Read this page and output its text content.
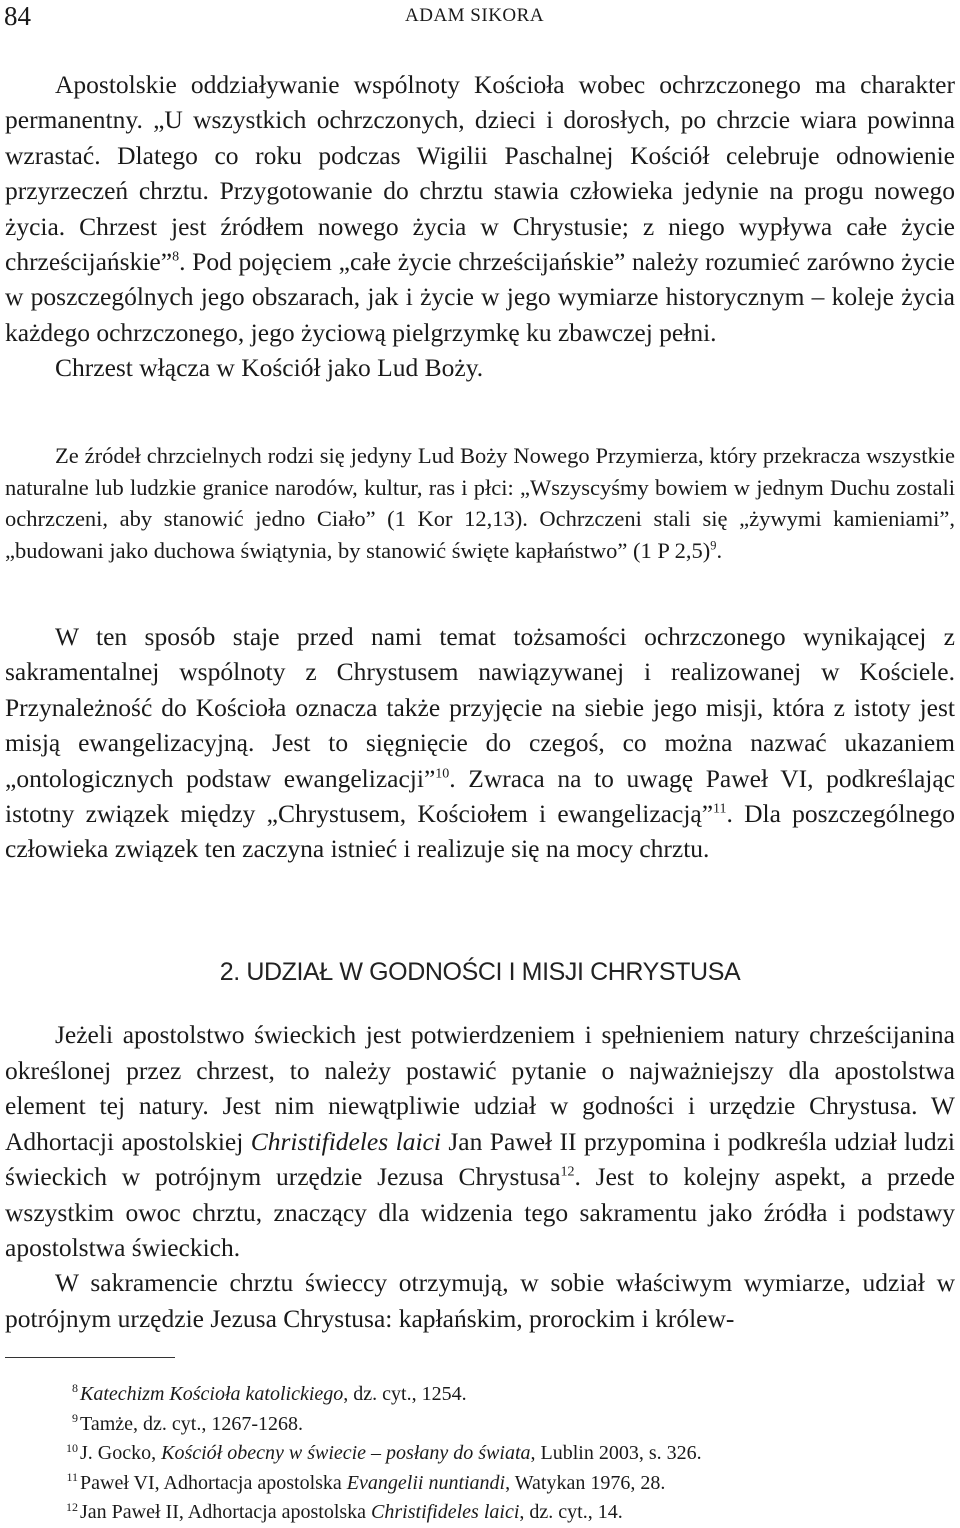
84	ADAM SIKORA

Apostolskie oddziaływanie wspólnoty Kościoła wobec ochrzczonego ma charakter permanentny. „U wszystkich ochrzczonych, dzieci i dorosłych, po chrzcie wiara powinna wzrastać. Dlatego co roku podczas Wigilii Paschalnej Kościół celebruje odnowienie przyrzeczeń chrztu. Przygotowanie do chrztu stawia człowieka jedynie na progu nowego życia. Chrzest jest źródłem nowego życia w Chrystusie; z niego wypływa całe życie chrześcijańskie”$^8$. Pod pojęciem „całe życie chrześcijańskie” należy rozumieć zarówno życie w poszczególnych jego obszarach, jak i życie w jego wymiarze historycznym – koleje życia każdego ochrzczonego, jego życiową pielgrzymkę ku zbawczej pełni.
Chrzest włącza w Kościół jako Lud Boży.

Ze źródeł chrzcielnych rodzi się jedyny Lud Boży Nowego Przymierza, który przekracza wszystkie naturalne lub ludzkie granice narodów, kultur, ras i płci: „Wszyscyśmy bowiem w jednym Duchu zostali ochrzczeni, aby stanowić jedno Ciało” (1 Kor 12,13). Ochrzczeni stali się „żywymi kamieniami”, „budowani jako duchowa świątynia, by stanowić święte kapłaństwo” (1 P 2,5)$^9$.

W ten sposób staje przed nami temat tożsamości ochrzczonego wynikającej z sakramentalnej wspólnoty z Chrystusem nawiązywanej i realizowanej w Kościele. Przynależność do Kościoła oznacza także przyjęcie na siebie jego misji, która z istoty jest misją ewangelizacyjną. Jest to sięgnięcie do czegoś, co można nazwać ukazaniem „ontologicznych podstaw ewangelizacji”$^{10}$. Zwraca na to uwagę Paweł VI, podkreślając istotny związek między „Chrystusem, Kościołem i ewangelizacją”$^{11}$. Dla poszczególnego człowieka związek ten zaczyna istnieć i realizuje się na mocy chrztu.

2. UDZIAŁ W GODNOŚCI I MISJI CHRYSTUSA

Jeżeli apostolstwo świeckich jest potwierdzeniem i spełnieniem natury chrześcijanina określonej przez chrzest, to należy postawić pytanie o najważniejszy dla apostolstwa element tej natury. Jest nim niewątpliwie udział w godności i urzędzie Chrystusa. W Adhortacji apostolskiej Christifideles laici Jan Paweł II przypomina i podkreśla udział ludzi świeckich w potrójnym urzędzie Jezusa Chrystusa$^{12}$. Jest to kolejny aspekt, a przede wszystkim owoc chrztu, znaczący dla widzenia tego sakramentu jako źródła i podstawy apostolstwa świeckich.

W sakramencie chrztu świeccy otrzymują, w sobie właściwym wymiarze, udział w potrójnym urzędzie Jezusa Chrystusa: kapłańskim, prorockim i królew-

8 Katechizm Kościoła katolickiego, dz. cyt., 1254.
9 Tamże, dz. cyt., 1267-1268.
10 J. Gocko, Kościół obecny w świecie – posłany do świata, Lublin 2003, s. 326.
11 Paweł VI, Adhortacja apostolska Evangelii nuntiandi, Watykan 1976, 28.
12 Jan Paweł II, Adhortacja apostolska Christifideles laici, dz. cyt., 14.
